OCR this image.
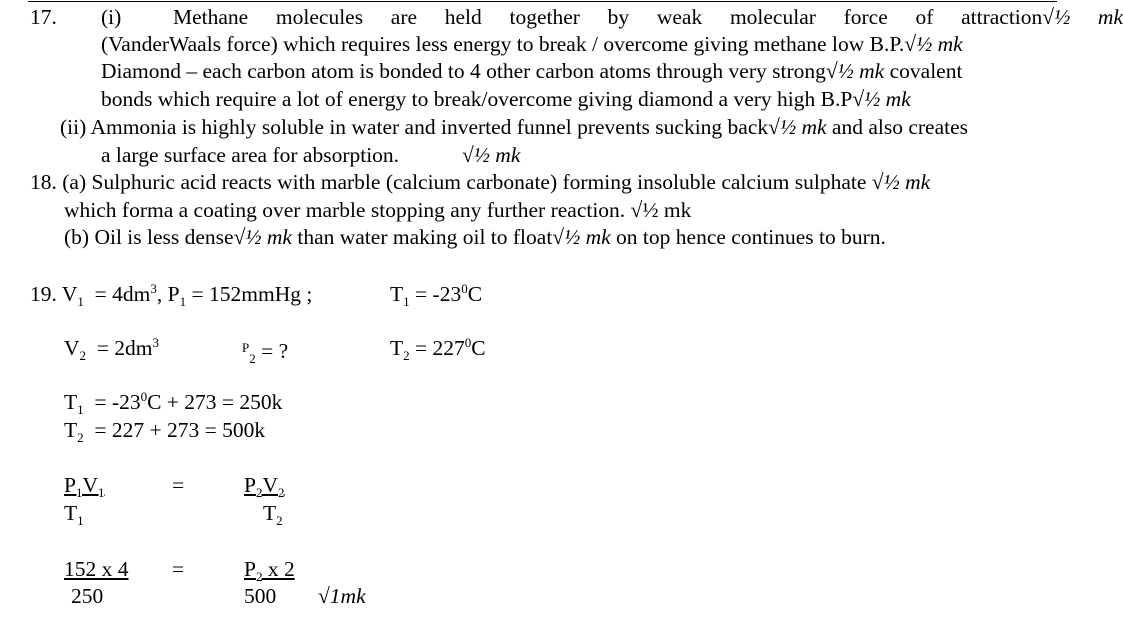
17. (i) Methane molecules are held together by weak molecular force of attraction√½ mk
(VanderWaals force) which requires less energy to break / overcome giving methane low B.P.√½ mk
Diamond – each carbon atom is bonded to 4 other carbon atoms through very strong√½ mk covalent
bonds which require a lot of energy to break/overcome giving diamond a very high B.P√½ mk
(ii) Ammonia is highly soluble in water and inverted funnel prevents sucking back√½ mk and also creates
a large surface area for absorption.	√½ mk
18. (a) Sulphuric acid reacts with marble (calcium carbonate) forming insoluble calcium sulphate √½ mk
which forma a coating over marble stopping any further reaction. √½ mk
(b) Oil is less dense√½ mk than water making oil to float√½ mk on top hence continues to burn.
19. $V_1 = 4dm^3$, $P_1$ = 152mmHg ;	$T_1 = -23^0C$
$V_2 = 2dm^3$	$^P_2$ = ?	$T_2 = 227^0C$
$T_1 = -23^0C + 273 = 250k$
$T_2 = 227 + 273 = 500k$
$P_1V_1$
$T_1$
=	$P_2V_2$
$T_2$
152 x 4
250
=	$P_2$ x 2
500 √1mk
